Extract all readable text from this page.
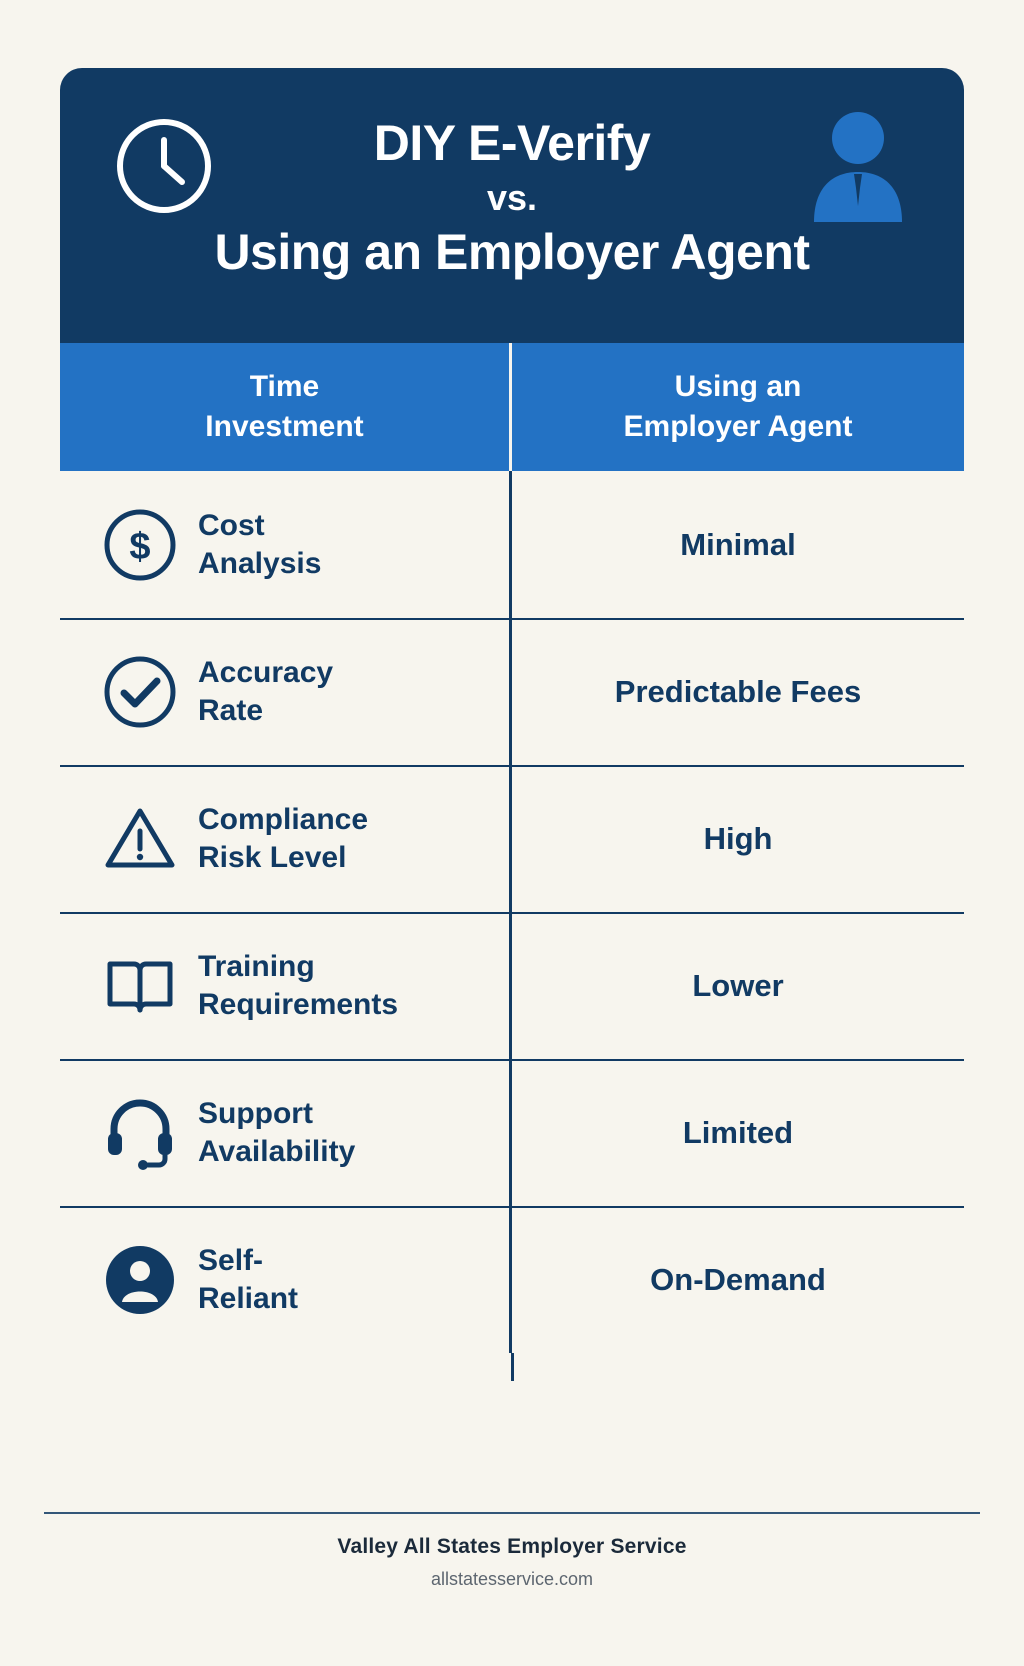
DIY E-Verify
vs.
Using an Employer Agent
Time
Investment
Using an
Employer Agent
$ Cost
Analysis
Minimal
Accuracy
Rate
Predictable Fees
Compliance
Risk Level
High
Training
Requirements
Lower
Support
Availability
Limited
Self-
Reliant
On-Demand
Valley All States Employer Service
allstatesservice.com
